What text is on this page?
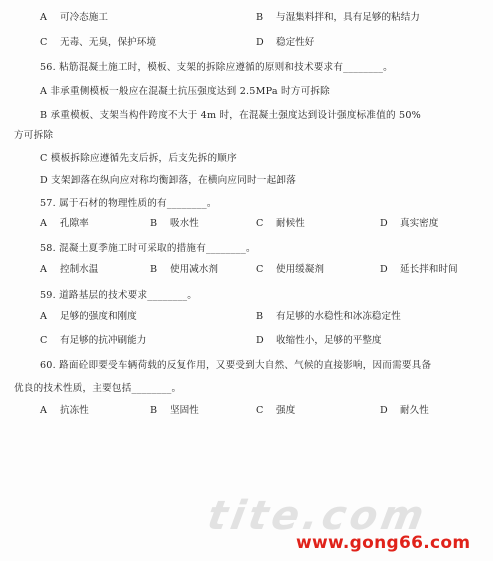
A 可冷态施工	B 与湿集料拌和，具有足够的粘结力
C 无毒、无臭，保护环境	D 稳定性好
56. 粘筋混凝土施工时，模板、支架的拆除应遵循的原则和技术要求有________。
A 非承重侧模板一般应在混凝土抗压强度达到 2.5MPa 时方可拆除
B 承重模板、支架当构件跨度不大于 4m 时，在混凝土强度达到设计强度标准值的 50%
方可拆除
C 模板拆除应遵循先支后拆，后支先拆的顺序
D 支架卸落在纵向应对称均衡卸落，在横向应同时一起卸落
57. 属于石材的物理性质的有________。
A 孔隙率	B 吸水性	C 耐候性	D 真实密度
58. 混凝土夏季施工时可采取的措施有________。
A 控制水温	B 使用减水剂	C 使用缓凝剂	D 延长拌和时间
59. 道路基层的技术要求________。
A 足够的强度和刚度	B 有足够的水稳性和冰冻稳定性
C 有足够的抗冲刷能力	D 收缩性小，足够的平整度
60. 路面砼即要受车辆荷载的反复作用，又要受到大自然、气候的直接影响，因而需要具备
优良的技术性质，主要包括________。
A 抗冻性	B 坚固性	C 强度	D 耐久性
tite.com
www.gong66.com
